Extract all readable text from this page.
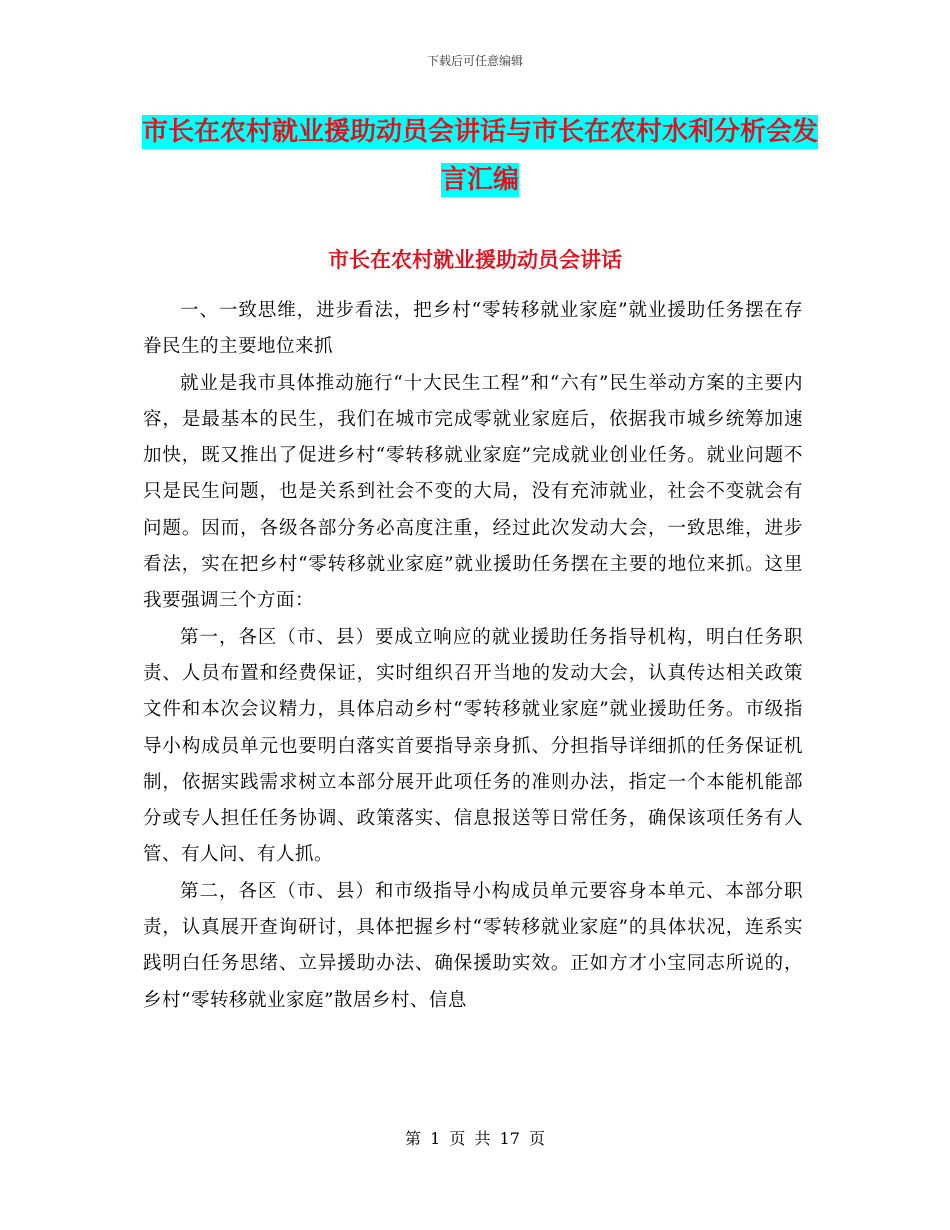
下载后可任意编辑
市长在农村就业援助动员会讲话与市长在农村水利分析会发言汇编
市长在农村就业援助动员会讲话

一、一致思维，进步看法，把乡村“零转移就业家庭”就业援助任务摆在存眷民生的主要地位来抓

就业是我市具体推动施行“十大民生工程”和“六有”民生举动方案的主要内容，是最基本的民生，我们在城市完成零就业家庭后，依据我市城乡统筹加速加快，既又推出了促进乡村“零转移就业家庭”完成就业创业任务。就业问题不只是民生问题，也是关系到社会不变的大局，没有充沛就业，社会不变就会有问题。因而，各级各部分务必高度注重，经过此次发动大会，一致思维，进步看法，实在把乡村“零转移就业家庭”就业援助任务摆在主要的地位来抓。这里我要强调三个方面：

第一，各区（市、县）要成立响应的就业援助任务指导机构，明白任务职责、人员布置和经费保证，实时组织召开当地的发动大会，认真传达相关政策文件和本次会议精力，具体启动乡村“零转移就业家庭”就业援助任务。市级指导小构成员单元也要明白落实首要指导亲身抓、分担指导详细抓的任务保证机制，依据实践需求树立本部分展开此项任务的准则办法，指定一个本能机能部分或专人担任任务协调、政策落实、信息报送等日常任务，确保该项任务有人管、有人问、有人抓。

第二，各区（市、县）和市级指导小构成员单元要容身本单元、本部分职责，认真展开查询研讨，具体把握乡村“零转移就业家庭”的具体状况，连系实践明白任务思绪、立异援助办法、确保援助实效。正如方才小宝同志所说的，乡村“零转移就业家庭”散居乡村、信息

第 1 页 共 17 页
